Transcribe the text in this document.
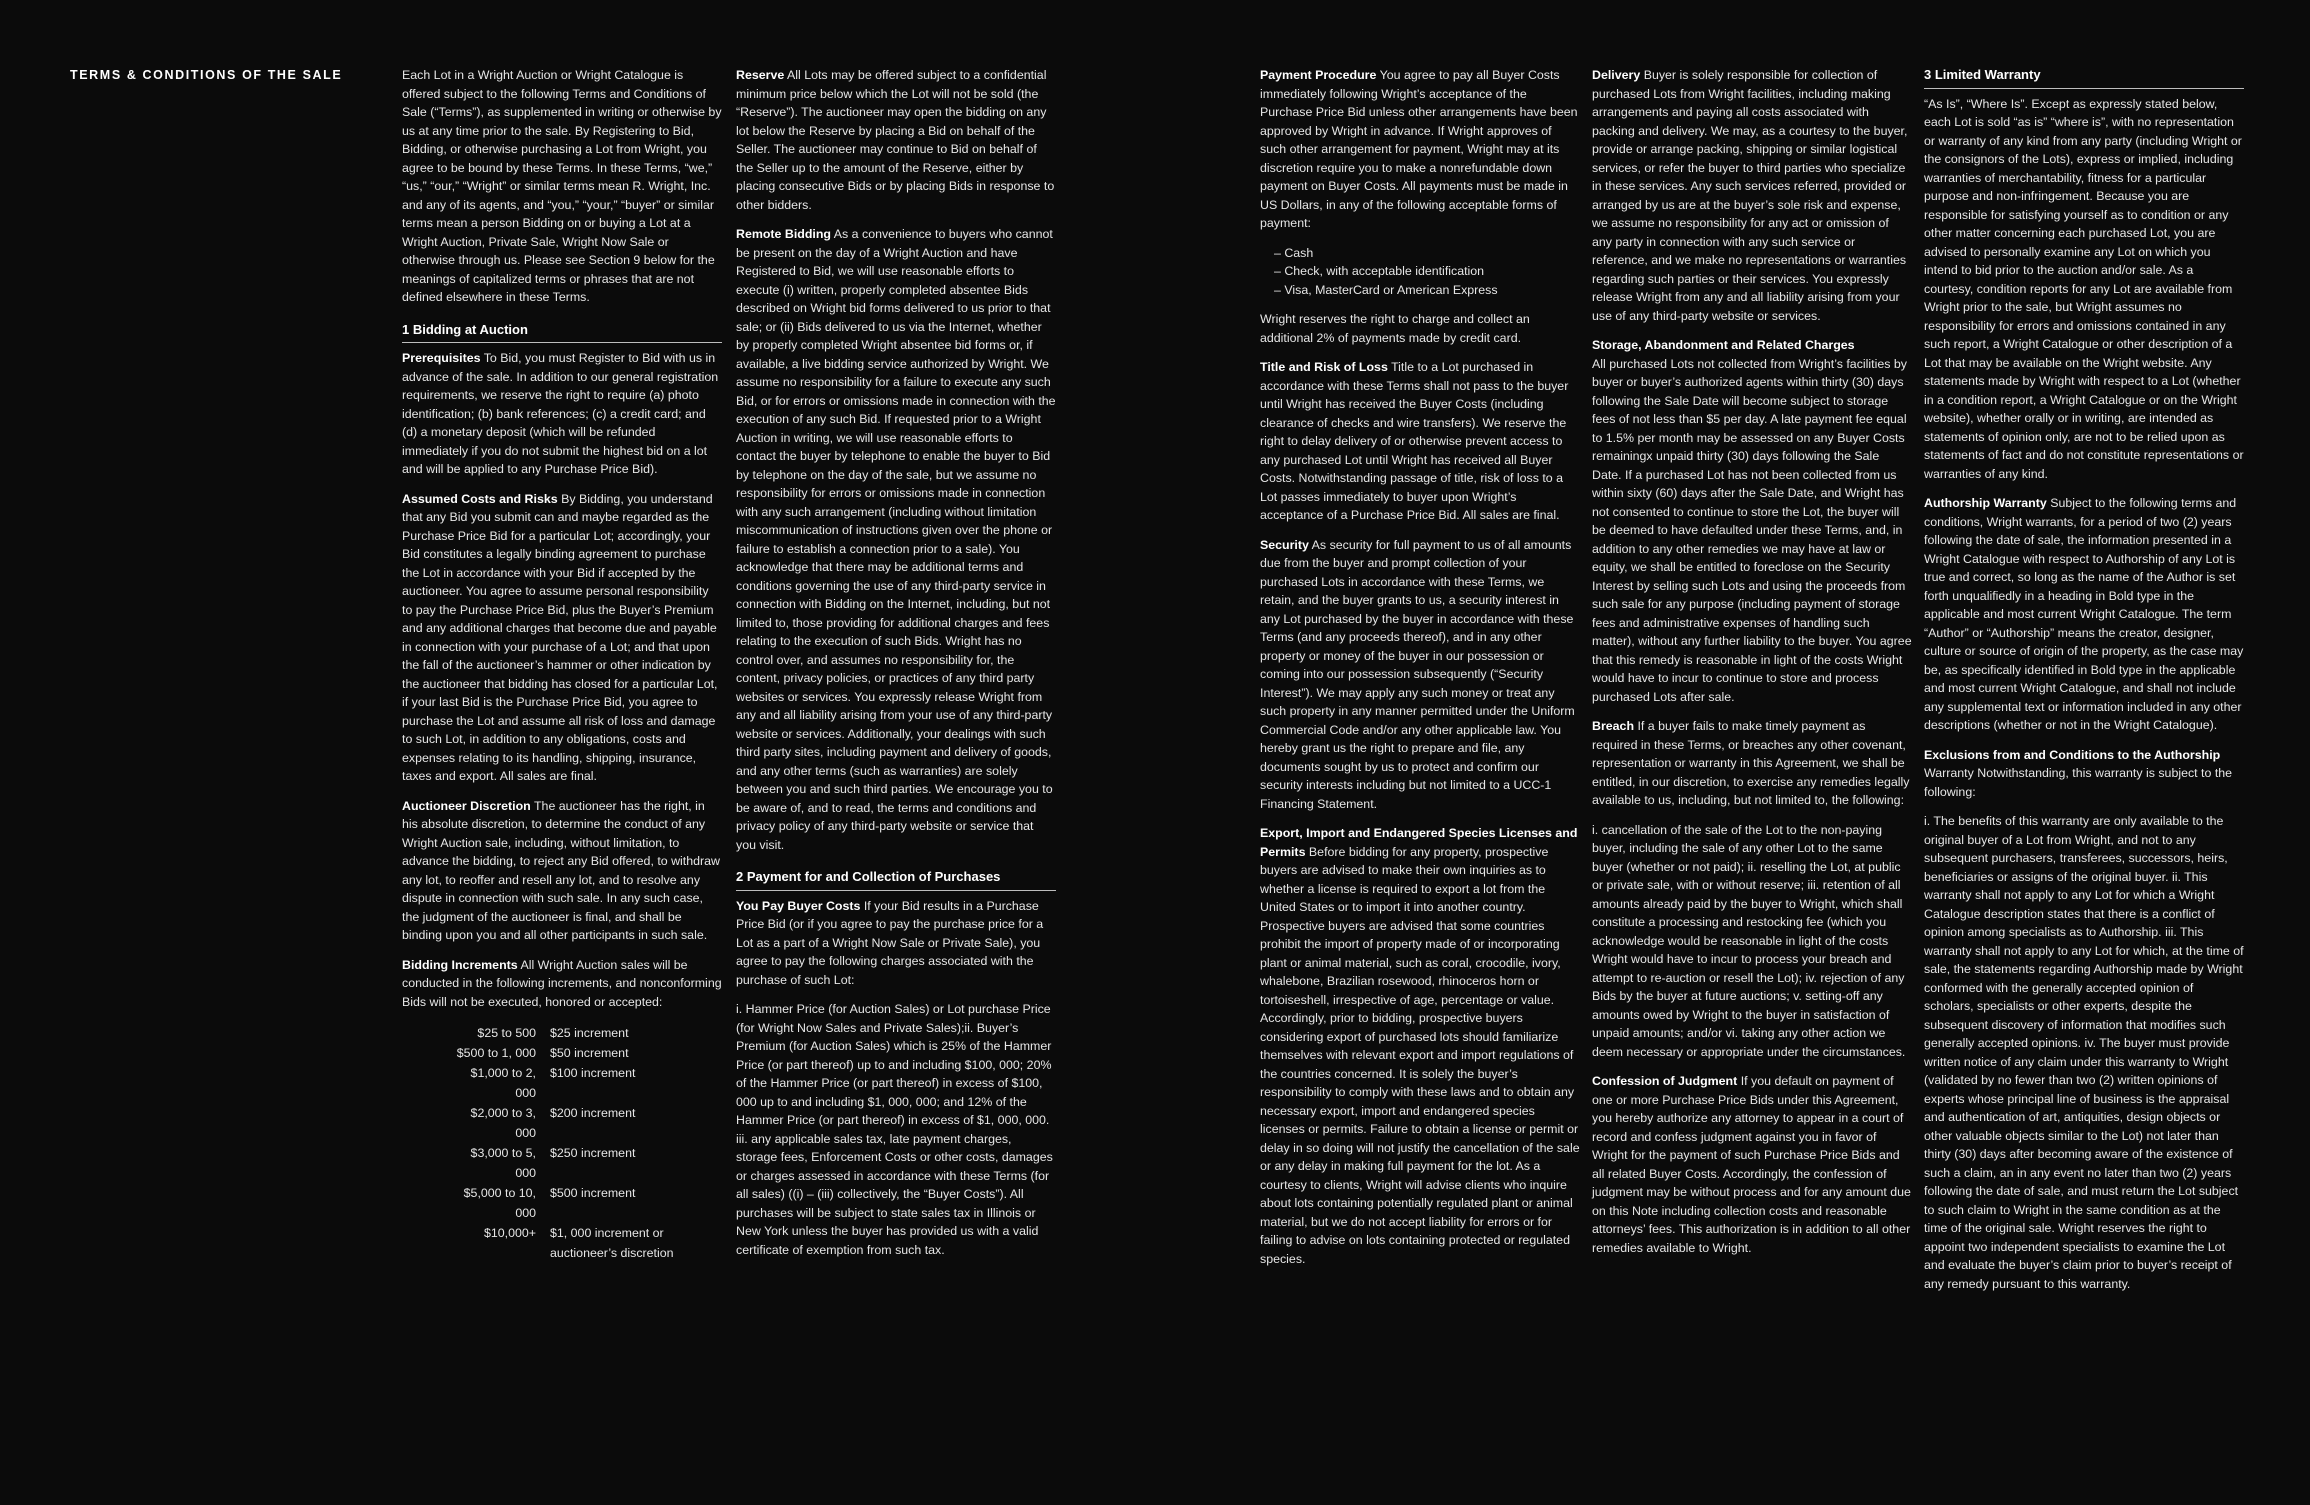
TERMS & CONDITIONS OF THE SALE	Each Lot in a Wright Auction or Wright Catalogue is offered subject to the following Terms and Conditions of Sale (“Terms”), as supplemented in writing or otherwise by us at any time prior to the sale. By Registering to Bid, Bidding, or otherwise purchasing a Lot from Wright, you agree to be bound by these Terms. In these Terms, “we,” “us,” “our,” “Wright” or similar terms mean R. Wright, Inc. and any of its agents, and “you,” “your,” “buyer” or similar terms mean a person Bidding on or buying a Lot at a Wright Auction, Private Sale, Wright Now Sale or otherwise through us. Please see Section 9 below for the meanings of capitalized terms or phrases that are not defined elsewhere in these Terms.

1 Bidding at Auction

Prerequisites To Bid, you must Register to Bid with us in advance of the sale. In addition to our general registration requirements, we reserve the right to require (a) photo identification; (b) bank references; (c) a credit card; and (d) a monetary deposit (which will be refunded immediately if you do not submit the highest bid on a lot and will be applied to any Purchase Price Bid).

Assumed Costs and Risks By Bidding, you understand that any Bid you submit can and maybe regarded as the Purchase Price Bid for a particular Lot; accordingly, your Bid constitutes a legally binding agreement to purchase the Lot in accordance with your Bid if accepted by the auctioneer. You agree to assume personal responsibility to pay the Purchase Price Bid, plus the Buyer’s Premium and any additional charges that become due and payable in connection with your purchase of a Lot; and that upon the fall of the auctioneer’s hammer or other indication by the auctioneer that bidding has closed for a particular Lot, if your last Bid is the Purchase Price Bid, you agree to purchase the Lot and assume all risk of loss and damage to such Lot, in addition to any obligations, costs and expenses relating to its handling, shipping, insurance, taxes and export. All sales are final.

Auctioneer Discretion The auctioneer has the right, in his absolute discretion, to determine the conduct of any Wright Auction sale, including, without limitation, to advance the bidding, to reject any Bid offered, to withdraw any lot, to reoffer and resell any lot, and to resolve any dispute in connection with such sale. In any such case, the judgment of the auctioneer is final, and shall be binding upon you and all other participants in such sale.

Bidding Increments All Wright Auction sales will be conducted in the following increments, and nonconforming Bids will not be executed, honored or accepted:

$25 to 500	$25 increment
$500 to 1, 000	$50 increment
$1,000 to 2, 000	$100 increment
$2,000 to 3, 000	$200 increment
$3,000 to 5, 000	$250 increment
$5,000 to 10, 000	$500 increment
$10,000+	$1, 000 increment or auctioneer’s discretion

Reserve All Lots may be offered subject to a confidential minimum price below which the Lot will not be sold (the “Reserve”). The auctioneer may open the bidding on any lot below the Reserve by placing a Bid on behalf of the Seller. The auctioneer may continue to Bid on behalf of the Seller up to the amount of the Reserve, either by placing consecutive Bids or by placing Bids in response to other bidders.

Remote Bidding As a convenience to buyers who cannot be present on the day of a Wright Auction and have Registered to Bid, we will use reasonable efforts to execute (i) written, properly completed absentee Bids described on Wright bid forms delivered to us prior to that sale; or (ii) Bids delivered to us via the Internet, whether by properly completed Wright absentee bid forms or, if available, a live bidding service authorized by Wright. We assume no responsibility for a failure to execute any such Bid, or for errors or omissions made in connection with the execution of any such Bid. If requested prior to a Wright Auction in writing, we will use reasonable efforts to contact the buyer by telephone to enable the buyer to Bid by telephone on the day of the sale, but we assume no responsibility for errors or omissions made in connection with any such arrangement (including without limitation miscommunication of instructions given over the phone or failure to establish a connection prior to a sale). You acknowledge that there may be additional terms and conditions governing the use of any third-party service in connection with Bidding on the Internet, including, but not limited to, those providing for additional charges and fees relating to the execution of such Bids. Wright has no control over, and assumes no responsibility for, the content, privacy policies, or practices of any third party websites or services. You expressly release Wright from any and all liability arising from your use of any third-party website or services. Additionally, your dealings with such third party sites, including payment and delivery of goods, and any other terms (such as warranties) are solely between you and such third parties. We encourage you to be aware of, and to read, the terms and conditions and privacy policy of any third-party website or service that you visit.

2 Payment for and Collection of Purchases

You Pay Buyer Costs If your Bid results in a Purchase Price Bid (or if you agree to pay the purchase price for a Lot as a part of a Wright Now Sale or Private Sale), you agree to pay the following charges associated with the purchase of such Lot:

i. Hammer Price (for Auction Sales) or Lot purchase Price (for Wright Now Sales and Private Sales);ii. Buyer’s Premium (for Auction Sales) which is 25% of the Hammer Price (or part thereof) up to and including $100, 000; 20% of the Hammer Price (or part thereof) in excess of $100, 000 up to and including $1, 000, 000; and 12% of the Hammer Price (or part thereof) in excess of $1, 000, 000. iii. any applicable sales tax, late payment charges, storage fees, Enforcement Costs or other costs, damages or charges assessed in accordance with these Terms (for all sales) ((i) – (iii) collectively, the “Buyer Costs”). All purchases will be subject to state sales tax in Illinois or New York unless the buyer has provided us with a valid certificate of exemption from such tax.

Payment Procedure You agree to pay all Buyer Costs immediately following Wright’s acceptance of the Purchase Price Bid unless other arrangements have been approved by Wright in advance. If Wright approves of such other arrangement for payment, Wright may at its discretion require you to make a nonrefundable down payment on Buyer Costs. All payments must be made in US Dollars, in any of the following acceptable forms of payment:

– Cash
– Check, with acceptable identification
– Visa, MasterCard or American Express

Wright reserves the right to charge and collect an additional 2% of payments made by credit card.

Title and Risk of Loss Title to a Lot purchased in accordance with these Terms shall not pass to the buyer until Wright has received the Buyer Costs (including clearance of checks and wire transfers). We reserve the right to delay delivery of or otherwise prevent access to any purchased Lot until Wright has received all Buyer Costs. Notwithstanding passage of title, risk of loss to a Lot passes immediately to buyer upon Wright’s acceptance of a Purchase Price Bid. All sales are final.

Security As security for full payment to us of all amounts due from the buyer and prompt collection of your purchased Lots in accordance with these Terms, we retain, and the buyer grants to us, a security interest in any Lot purchased by the buyer in accordance with these Terms (and any proceeds thereof), and in any other property or money of the buyer in our possession or coming into our possession subsequently (“Security Interest”). We may apply any such money or treat any such property in any manner permitted under the Uniform Commercial Code and/or any other applicable law. You hereby grant us the right to prepare and file, any documents sought by us to protect and confirm our security interests including but not limited to a UCC-1 Financing Statement.

Export, Import and Endangered Species Licenses and Permits Before bidding for any property, prospective buyers are advised to make their own inquiries as to whether a license is required to export a lot from the United States or to import it into another country. Prospective buyers are advised that some countries prohibit the import of property made of or incorporating plant or animal material, such as coral, crocodile, ivory, whalebone, Brazilian rosewood, rhinoceros horn or tortoiseshell, irrespective of age, percentage or value. Accordingly, prior to bidding, prospective buyers considering export of purchased lots should familiarize themselves with relevant export and import regulations of the countries concerned. It is solely the buyer’s responsibility to comply with these laws and to obtain any necessary export, import and endangered species licenses or permits. Failure to obtain a license or permit or delay in so doing will not justify the cancellation of the sale or any delay in making full payment for the lot. As a courtesy to clients, Wright will advise clients who inquire about lots containing potentially regulated plant or animal material, but we do not accept liability for errors or for failing to advise on lots containing protected or regulated species.

Delivery Buyer is solely responsible for collection of purchased Lots from Wright facilities, including making arrangements and paying all costs associated with packing and delivery. We may, as a courtesy to the buyer, provide or arrange packing, shipping or similar logistical services, or refer the buyer to third parties who specialize in these services. Any such services referred, provided or arranged by us are at the buyer’s sole risk and expense, we assume no responsibility for any act or omission of any party in connection with any such service or reference, and we make no representations or warranties regarding such parties or their services. You expressly release Wright from any and all liability arising from your use of any third-party website or services.

Storage, Abandonment and Related Charges
All purchased Lots not collected from Wright’s facilities by buyer or buyer’s authorized agents within thirty (30) days following the Sale Date will become subject to storage fees of not less than $5 per day. A late payment fee equal to 1.5% per month may be assessed on any Buyer Costs remainingx unpaid thirty (30) days following the Sale Date. If a purchased Lot has not been collected from us within sixty (60) days after the Sale Date, and Wright has not consented to continue to store the Lot, the buyer will be deemed to have defaulted under these Terms, and, in addition to any other remedies we may have at law or equity, we shall be entitled to foreclose on the Security Interest by selling such Lots and using the proceeds from such sale for any purpose (including payment of storage fees and administrative expenses of handling such matter), without any further liability to the buyer. You agree that this remedy is reasonable in light of the costs Wright would have to incur to continue to store and process purchased Lots after sale.

Breach If a buyer fails to make timely payment as required in these Terms, or breaches any other covenant, representation or warranty in this Agreement, we shall be entitled, in our discretion, to exercise any remedies legally available to us, including, but not limited to, the following:

i. cancellation of the sale of the Lot to the non-paying buyer, including the sale of any other Lot to the same buyer (whether or not paid); ii. reselling the Lot, at public or private sale, with or without reserve; iii. retention of all amounts already paid by the buyer to Wright, which shall constitute a processing and restocking fee (which you acknowledge would be reasonable in light of the costs Wright would have to incur to process your breach and attempt to re-auction or resell the Lot); iv. rejection of any Bids by the buyer at future auctions; v. setting-off any amounts owed by Wright to the buyer in satisfaction of unpaid amounts; and/or vi. taking any other action we deem necessary or appropriate under the circumstances.

Confession of Judgment If you default on payment of one or more Purchase Price Bids under this Agreement, you hereby authorize any attorney to appear in a court of record and confess judgment against you in favor of Wright for the payment of such Purchase Price Bids and all related Buyer Costs. Accordingly, the confession of judgment may be without process and for any amount due on this Note including collection costs and reasonable attorneys’ fees. This authorization is in addition to all other remedies available to Wright.

3 Limited Warranty

“As Is”, “Where Is”. Except as expressly stated below, each Lot is sold “as is” “where is”, with no representation or warranty of any kind from any party (including Wright or the consignors of the Lots), express or implied, including warranties of merchantability, fitness for a particular purpose and non-infringement. Because you are responsible for satisfying yourself as to condition or any other matter concerning each purchased Lot, you are advised to personally examine any Lot on which you intend to bid prior to the auction and/or sale. As a courtesy, condition reports for any Lot are available from Wright prior to the sale, but Wright assumes no responsibility for errors and omissions contained in any such report, a Wright Catalogue or other description of a Lot that may be available on the Wright website. Any statements made by Wright with respect to a Lot (whether in a condition report, a Wright Catalogue or on the Wright website), whether orally or in writing, are intended as statements of opinion only, are not to be relied upon as statements of fact and do not constitute representations or warranties of any kind.

Authorship Warranty Subject to the following terms and conditions, Wright warrants, for a period of two (2) years following the date of sale, the information presented in a Wright Catalogue with respect to Authorship of any Lot is true and correct, so long as the name of the Author is set forth unqualifiedly in a heading in Bold type in the applicable and most current Wright Catalogue. The term “Author” or “Authorship” means the creator, designer, culture or source of origin of the property, as the case may be, as specifically identified in Bold type in the applicable and most current Wright Catalogue, and shall not include any supplemental text or information included in any other descriptions (whether or not in the Wright Catalogue).

Exclusions from and Conditions to the Authorship Warranty Notwithstanding, this warranty is subject to the following:

i. The benefits of this warranty are only available to the original buyer of a Lot from Wright, and not to any subsequent purchasers, transferees, successors, heirs, beneficiaries or assigns of the original buyer. ii. This warranty shall not apply to any Lot for which a Wright Catalogue description states that there is a conflict of opinion among specialists as to Authorship. iii. This warranty shall not apply to any Lot for which, at the time of sale, the statements regarding Authorship made by Wright conformed with the generally accepted opinion of scholars, specialists or other experts, despite the subsequent discovery of information that modifies such generally accepted opinions. iv. The buyer must provide written notice of any claim under this warranty to Wright (validated by no fewer than two (2) written opinions of experts whose principal line of business is the appraisal and authentication of art, antiquities, design objects or other valuable objects similar to the Lot) not later than thirty (30) days after becoming aware of the existence of such a claim, an in any event no later than two (2) years following the date of sale, and must return the Lot subject to such claim to Wright in the same condition as at the time of the original sale. Wright reserves the right to appoint two independent specialists to examine the Lot and evaluate the buyer’s claim prior to buyer’s receipt of any remedy pursuant to this warranty.
